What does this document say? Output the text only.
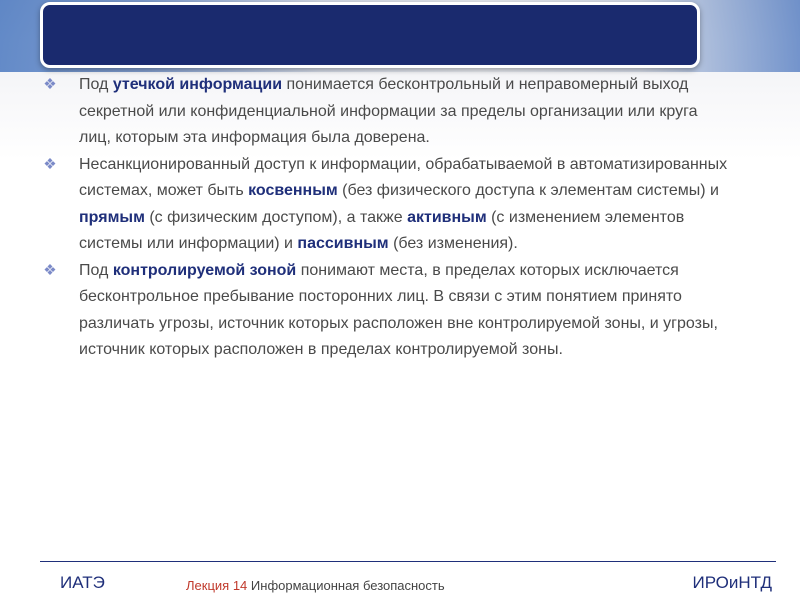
❖ Под утечкой информации понимается бесконтрольный и неправомерный выход секретной или конфиденциальной информации за пределы организации или круга лиц, которым эта информация была доверена.

❖ Несанкционированный доступ к информации, обрабатываемой в автоматизированных системах, может быть косвенным (без физического доступа к элементам системы) и прямым (с физическим доступом), а также активным (с изменением элементов системы или информации) и пассивным (без изменения).

❖ Под контролируемой зоной понимают места, в пределах которых исключается бесконтрольное пребывание посторонних лиц. В связи с этим понятием принято различать угрозы, источник которых расположен вне контролируемой зоны, и угрозы, источник которых расположен в пределах контролируемой зоны.

ИАТЭ	Лекция 14 Информационная безопасность	ИРОиНТД
